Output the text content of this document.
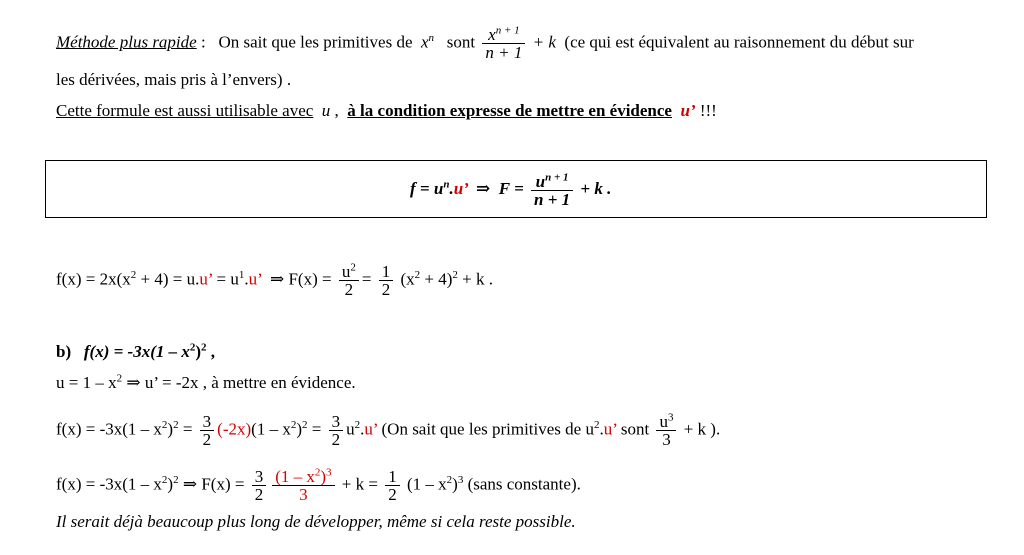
Méthode plus rapide : On sait que les primitives de $x^n$ sont $\frac{x^{n + 1}}{n + 1} + k$ (ce qui est équivalent au raisonnement du début sur
les dérivées, mais pris à l’envers) .
Cette formule est aussi utilisable avec u , à la condition expresse de mettre en évidence u’ !!!
$f = u^n.u$’ ⇒ $F = \frac{u^{n + 1}}{n + 1} + k$ .
$f(x) = 2x(x^2 + 4) = u.u$’ = $u^1.u$’ ⇒ $F(x) = \frac{u^2}{2} = \frac{1}{2} (x^2 + 4)^2 + k$ .
b) $f(x) = -3x(1 - x^2)^2$ ,
$u = 1 - x^2$ ⇒ u’ = -2x , à mettre en évidence.
$f(x) = -3x(1 - x^2)^2 = \frac{3}{2} (-2x)(1 - x^2)^2 = \frac{3}{2} u^2.u$’ (On sait que les primitives de $u^2.u$’ sont $\frac{u^3}{3} + k$ ).
$f(x) = -3x(1 - x^2)^2$ ⇒ $F(x) = \frac{3}{2} \frac{(1 - x^2)^3}{3} + k = \frac{1}{2} (1 - x^2)^3$ (sans constante).
Il serait déjà beaucoup plus long de développer, même si cela reste possible.
